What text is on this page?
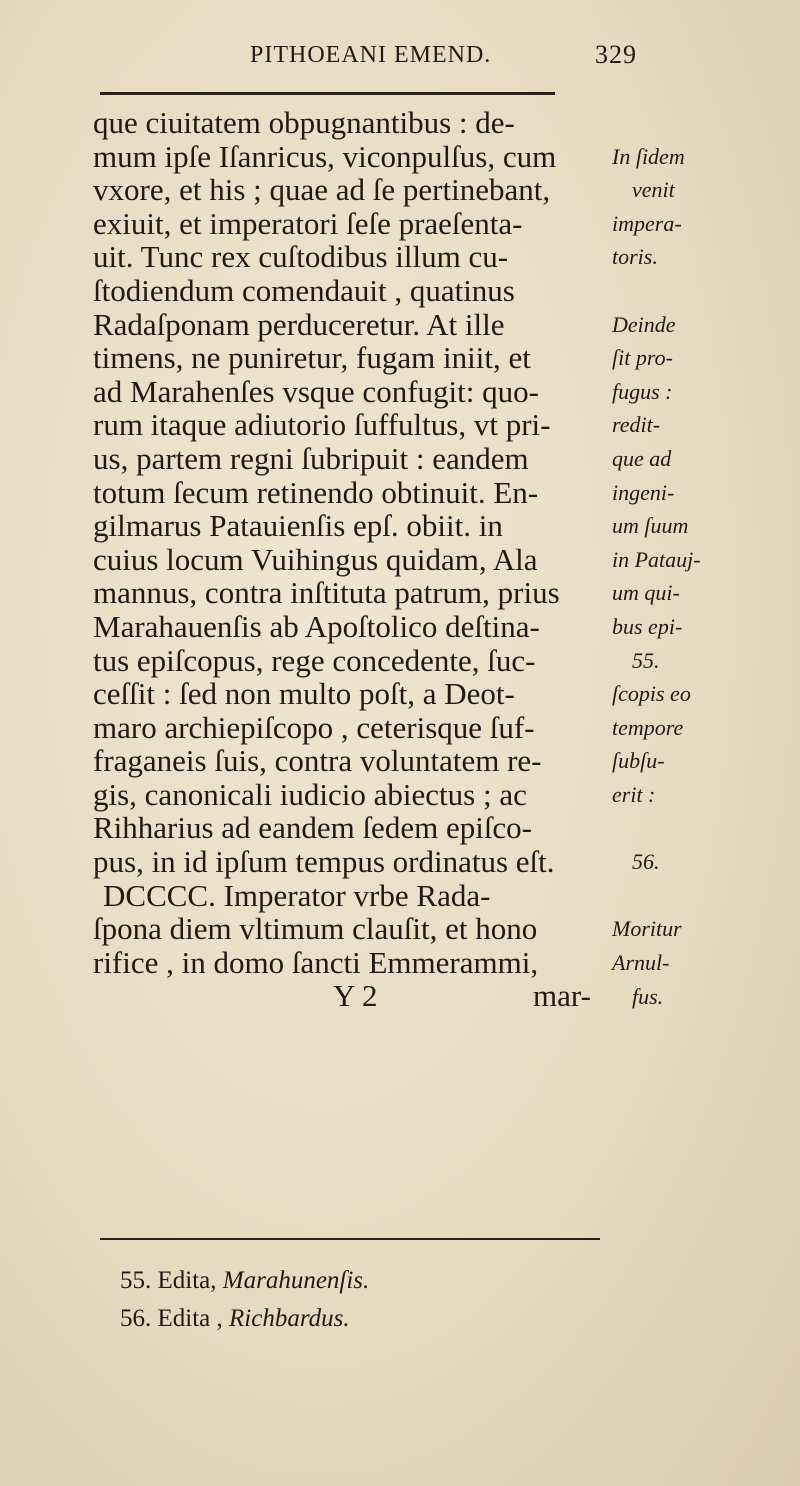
PITHOEANI EMEND.	329
que ciuitatem obpugnantibus : de-
mum ipſe Iſanricus, viconpulſus, cum
vxore, et his ; quae ad ſe pertinebant,
exiuit, et imperatori ſeſe praeſenta-
uit. Tunc rex cuſtodibus illum cu-
ſtodiendum comendauit , quatinus
Radaſponam perduceretur. At ille
timens, ne puniretur, fugam iniit, et
ad Marahenſes vsque confugit: quo-
rum itaque adiutorio ſuffultus, vt pri-
us, partem regni ſubripuit : eandem
totum ſecum retinendo obtinuit. En-
gilmarus Patauienſis epſ. obiit. in
cuius locum Vuihingus quidam, Ala
mannus, contra inſtituta patrum, prius
Marahauenſis ab Apoſtolico deſtina-
tus epiſcopus, rege concedente, ſuc-
ceſſit : ſed non multo poſt, a Deot-
maro archiepiſcopo , ceterisque ſuf-
fraganeis ſuis, contra voluntatem re-
gis, canonicali iudicio abiectus ; ac
Rihharius ad eandem ſedem epiſco-
pus, in id ipſum tempus ordinatus eſt.
DCCCC. Imperator vrbe Rada-
ſpona diem vltimum clauſit, et hono
rifice , in domo ſancti Emmerammi,
Y 2	mar-
In ſidem
venit
impera-
toris.
Deinde
ſit pro-
fugus :
redit-
que ad
ingeni-
um ſuum
in Patauj-
um qui-
bus epi-
55.
ſcopis eo
tempore
ſubſu-
erit :
56.
Moritur
Arnul-
fus.
55. Edita, Marahunenſis.
56. Edita , Richbardus.
